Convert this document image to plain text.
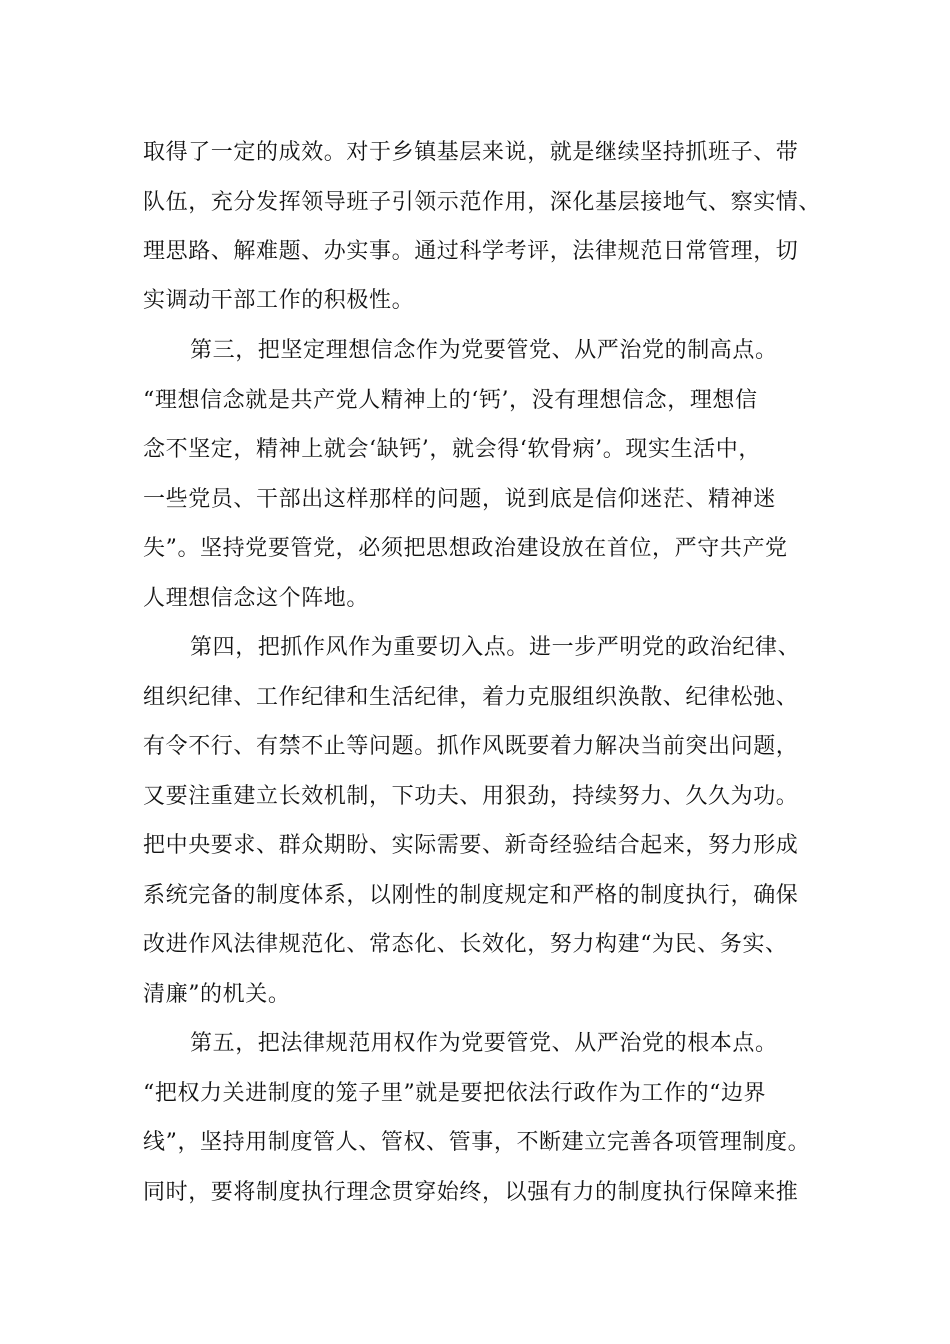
取得了一定的成效。对于乡镇基层来说，就是继续坚持抓班子、带
队伍，充分发挥领导班子引领示范作用，深化基层接地气、察实情、
理思路、解难题、办实事。通过科学考评，法律规范日常管理，切
实调动干部工作的积极性。
第三，把坚定理想信念作为党要管党、从严治党的制高点。
“理想信念就是共产党人精神上的‘钙’，没有理想信念，理想信
念不坚定，精神上就会‘缺钙’，就会得‘软骨病’。现实生活中，
一些党员、干部出这样那样的问题，说到底是信仰迷茫、精神迷
失”。坚持党要管党，必须把思想政治建设放在首位，严守共产党
人理想信念这个阵地。
第四，把抓作风作为重要切入点。进一步严明党的政治纪律、
组织纪律、工作纪律和生活纪律，着力克服组织涣散、纪律松弛、
有令不行、有禁不止等问题。抓作风既要着力解决当前突出问题，
又要注重建立长效机制，下功夫、用狠劲，持续努力、久久为功。
把中央要求、群众期盼、实际需要、新奇经验结合起来，努力形成
系统完备的制度体系，以刚性的制度规定和严格的制度执行，确保
改进作风法律规范化、常态化、长效化，努力构建“为民、务实、
清廉”的机关。
第五，把法律规范用权作为党要管党、从严治党的根本点。
“把权力关进制度的笼子里”就是要把依法行政作为工作的“边界
线”，坚持用制度管人、管权、管事，不断建立完善各项管理制度。
同时，要将制度执行理念贯穿始终，以强有力的制度执行保障来推
